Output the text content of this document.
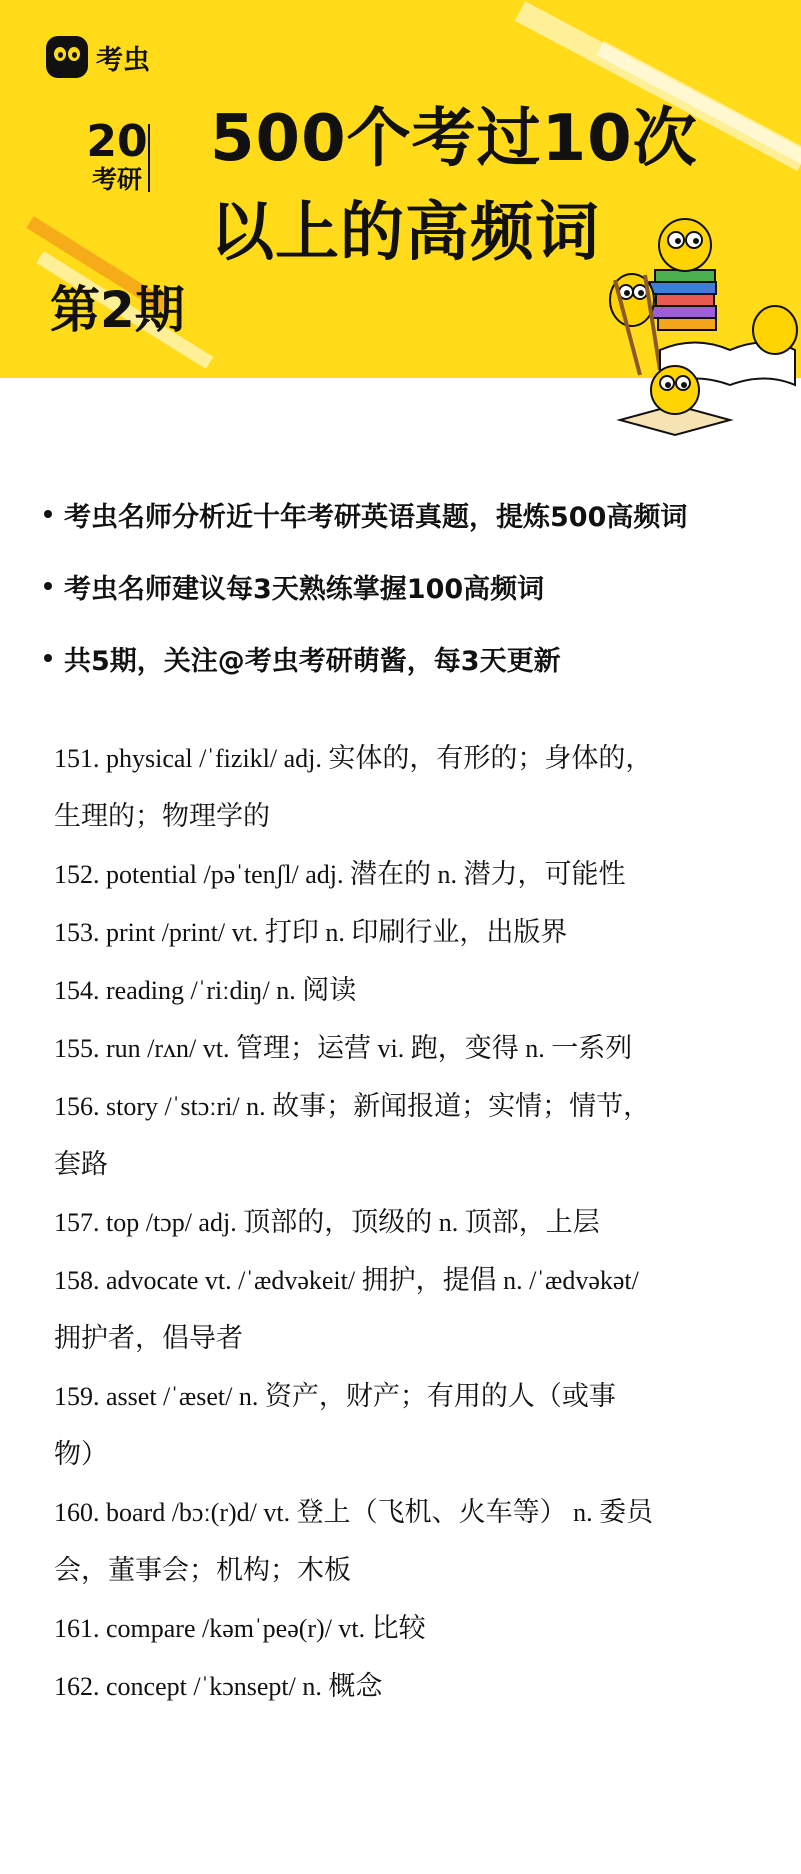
考虫
20
考研
500个考过10次
以上的高频词
第2期
考虫名师分析近十年考研英语真题，提炼500高频词
考虫名师建议每3天熟练掌握100高频词
共5期，关注@考虫考研萌酱，每3天更新
151. physical /ˈfizikl/ adj. 实体的，有形的；身体的，
生理的；物理学的
152. potential /pəˈtenʃl/ adj. 潜在的 n. 潜力，可能性
153. print /print/ vt. 打印 n. 印刷行业，出版界
154. reading /ˈriːdiŋ/ n. 阅读
155. run /rʌn/ vt. 管理；运营 vi. 跑，变得 n. 一系列
156. story /ˈstɔːri/ n. 故事；新闻报道；实情；情节，
套路
157. top /tɔp/ adj. 顶部的，顶级的 n. 顶部，上层
158. advocate vt. /ˈædvəkeit/ 拥护，提倡 n. /ˈædvəkət/
拥护者，倡导者
159. asset /ˈæset/ n. 资产，财产；有用的人（或事
物）
160. board /bɔː(r)d/ vt. 登上（飞机、火车等） n. 委员
会，董事会；机构；木板
161. compare /kəmˈpeə(r)/ vt. 比较
162. concept /ˈkɔnsept/ n. 概念
